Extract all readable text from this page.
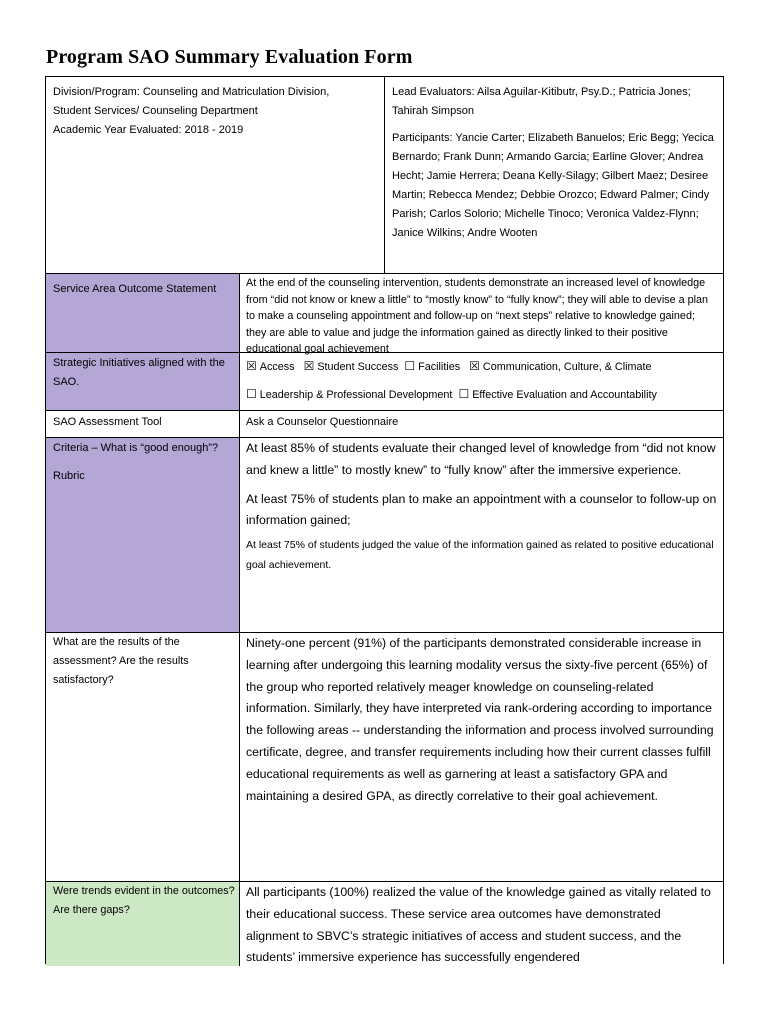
Program SAO Summary Evaluation Form
Division/Program: Counseling and Matriculation Division,
Student Services/ Counseling Department
Academic Year Evaluated: 2018 - 2019
Lead Evaluators: Ailsa Aguilar-Kitibutr, Psy.D.; Patricia Jones; Tahirah Simpson
Participants: Yancie Carter; Elizabeth Banuelos; Eric Begg; Yecica Bernardo; Frank Dunn; Armando Garcia; Earline Glover; Andrea Hecht; Jamie Herrera; Deana Kelly-Silagy; Gilbert Maez; Desiree Martin; Rebecca Mendez; Debbie Orozco; Edward Palmer; Cindy Parish; Carlos Solorio; Michelle Tinoco; Veronica Valdez-Flynn; Janice Wilkins; Andre Wooten
Service Area Outcome Statement	At the end of the counseling intervention, students demonstrate an increased level of knowledge from “did not know or knew a little” to “mostly know” to “fully know”; they will able to devise a plan to make a counseling appointment and follow-up on “next steps” relative to knowledge gained; they are able to value and judge the information gained as directly linked to their positive educational goal achievement
Strategic Initiatives aligned with the SAO.
☒ Access ☒ Student Success ☐ Facilities ☒ Communication, Culture, & Climate
☐ Leadership & Professional Development ☐ Effective Evaluation and Accountability
SAO Assessment Tool	Ask a Counselor Questionnaire
Criteria – What is “good enough”?
Rubric

At least 85% of students evaluate their changed level of knowledge from “did not know and knew a little” to mostly knew” to “fully know” after the immersive experience.

At least 75% of students plan to make an appointment with a counselor to follow-up on information gained;

At least 75% of students judged the value of the information gained as related to positive educational goal achievement.

What are the results of the assessment? Are the results satisfactory?
Ninety-one percent (91%) of the participants demonstrated considerable increase in learning after undergoing this learning modality versus the sixty-five percent (65%) of the group who reported relatively meager knowledge on counseling-related information. Similarly, they have interpreted via rank-ordering according to importance the following areas -- understanding the information and process involved surrounding certificate, degree, and transfer requirements including how their current classes fulfill educational requirements as well as garnering at least a satisfactory GPA and maintaining a desired GPA, as directly correlative to their goal achievement.
Were trends evident in the outcomes?
Are there gaps?
All participants (100%) realized the value of the knowledge gained as vitally related to their educational success. These service area outcomes have demonstrated alignment to SBVC’s strategic initiatives of access and student success, and the students’ immersive experience has successfully engendered
